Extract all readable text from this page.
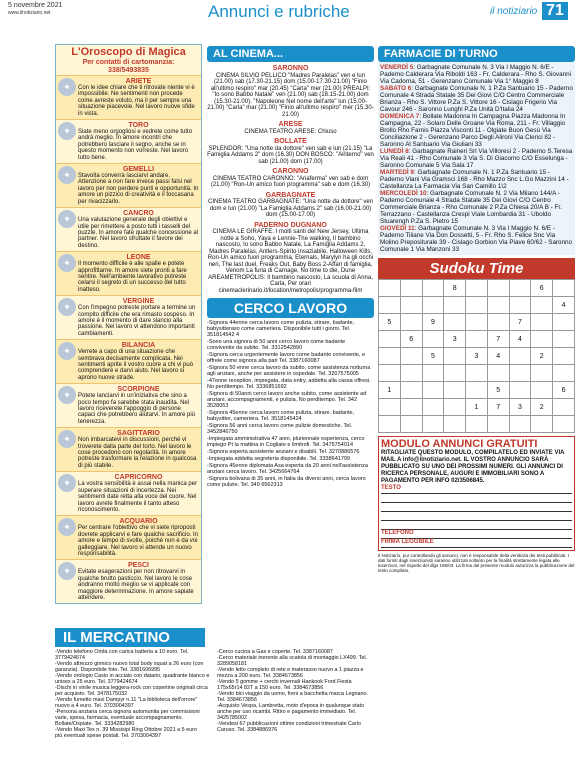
5 novembre 2021
www.ilnotiziario.net	Annunci e rubriche	il notiziario 71
L'Oroscopo di Magica
Per contatti di cartomanzia:
338/5493835
✦
ARIETE
Con le idee chiare che ti ritrovate niente vi è impossibile. Ne sentimenti non procede come avreste voluto, ma il per sempre una situazione piacevole. Nel lavoro nuove sfide in vista.
✦
TORO
Siate meno orgogliosi e vedrete come tutto andrà meglio. In amore incontri che potrebbero lasciare il segno, anche se in questo momento non vorreste. Nel lavoro tutto bene.
✦
GEMELLI
Stavolta converrà lasciarvi andare. Attenzione a non fare invece passi falsi nel lavoro per non perdere punti e opportunità. In amore un pizzico di creatività e il toccasana per rivacizzarlo.
✦
CANCRO
Una valutazione generale degli obiettivi e utile per rimettere a posto tutti i tasselli del puzzle. In amore fate qualche concessione al partner. Nel lavoro sfruttate il favore dei destino.
✦
LEONE
Il momento difficile è alle spalle e potete approfittarne. In amore siete pronti a fare sentire. Nell'ambiente lavorativo potreste celarsi il segreto di un successo del tutto inatteso.
✦
VERGINE
Con l'impegno potreste portare a termine un compito difficile che era rimasto sospeso. In amore è il momento di dare slancio alla passione. Nel lavoro vi attendono importanti cambiamenti.
✦
BILANCIA
Verrete a capo di una situazione che sembrava decisamente complicata. Nei sentimenti aprite il vostro cuore a chi vi può comprendere e darvi aiuto. Nel lavoro si aprono nuove strade.
✦
SCORPIONE
Potete lanciarvi in un'iniziativa che sino a poco tempo fa sarebbe stata inaudita. Nel lavoro riceverete l'appoggio di persone capaci che potrebbero aiutarvi. In amore più tenerezza.
✦
SAGITTARIO
Non imbarcatevi in discussioni, perché vi troverete dalla parte del torto. Nel lavoro le cose procedono con regolarità. In amore potreste trasformare la relazione in qualcosa di più stabile.
✦
CAPRICORNO
La vostra sensibilità è assai nella manica per superare situazioni di incertezza. Nei sentimenti date retta alla voce del cuore. Nel lavoro avrete finalmente il tanto atteso riconoscimento.
✦
ACQUARIO
Per centrare l'obiettivo che vi siete riproposti dovrete applicarvi e fare qualche sacrificio. In amore e tempo di svolte, poiché non è da voi galleggiare. Nel lavoro vi attende un nuovo responsabilità.
✦
PESCI
Evitate esagerazioni per non ritrovarvi in qualche brutto pasticcio. Nel lavoro le cose andranno molto meglio se vi applicate con maggiore determinazione. In amore sapiate attendere.
AL CINEMA...
SARONNO
CINEMA SILVIO PELLICO "Madres Paralelas" ven e lun (21.00) sab (17.30-21.15) dom (15.00-17.30-21.00) "Finio all'ultimo respiro" mar (20.45) "Carla" mer (21.00) PREALPI: "Io sono Babbo Natale" ven (21.00) sab (18.15-21.00) dom (15.30-21.00). "Napoleone Nel nome dell'arte" lun (15.00-21.00) "Carla" mar (21.00) "Finio all'ultimo respiro" mer (15.30-21.00)
ARESE
CINEMA TEATRO ARESE: Chiuso
BOLLATE
SPLENDOR: "Una notte da dottore" ven sab e lun (21.15) "La Famiglia Addams 2" dom (16.30) DON BOSCO: "Ainterno" ven sab (21.00) dom (17.00)
CARONNO
CINEMA TEATRO CARONNO: "Ariaferma" ven sab e dom (21.00) "Ron-Un amico fuori programma" sab e dom (16.30)
GARBAGNATE
CINEMA TEATRO GARBAGNATE: "Una notte da dottore" ven dom e lun (21.00) "La Famiglia Addams 2" sab (16.00-21.00) dom (15.00-17.00)
PADERNO DUGNANO
CINEMA LE GIRAFFE: I molti santi del New Jersey, Ultima notte a Soho, Yaya e Lennie-The walking, Il bambino nascosto, Io sono Babbo Natale, La Famiglia Addams 2, Madres Paralelas, Antlers-Spirito insaziabile, Halloween Kills, Ron-Un amico fuori programma, Eternals, Marylyn ha gli occhi neri, The last duel, Freaks Out, Baby Boss 2-Affari di famiglia, Venom La furia di Carnage, No time to die, Dune AREAMETROPOLIS: Il bambino nascosto, La scuola di Anna, Carla, Per orari cinemaclerinario.it/location/metropolis/programma-film
CERCO LAVORO

-Signora 44enne cerca lavoro come pulizia, stirare, badante, babysitteraso come cameriera. Disponibile tutti i giorni. Tel. 351814542 4

-Sono una signora di 50 anni cerco lavoro come badante conviventie da subito. Tel. 3312542890

-Signora cerca urgentemente lavoro come badante convivente, e offrele come signora alla pari Tel. 3387160087

-Signora 50 enne cerca lavoro da subito, come assistenza notturna agli anziani, anche per assistere in ospedale. Tel. 3207575005

-47enne reception, impiegata, data entry, addetta alla cassa offresi. No perditempo. Tel. 3336851692

-Signora di 50anni cerco lavoro anche subito, come assistente ad anziani, accompagnamenti, e pulizia. No perditempo. Tel. 342 3528053

-Signora 45enne cerca lavoro come pulizia, stirare, badante, babysitter, cameriera. Tel. 3518145424

-Signora 56 anni cerca lavoro come pulizie domestiche. Tel. 3452846750

-Impiegata amministrativa 47 anni, pluriennale esperienza, cerco impiego Pt la mattina in Cogliate e limitrofi. Tel. 3475754014

-Signora esperta assistente anziani e disabili. Tel. 3270886576

-Impiegata addetta segreteria disponibile. Tel. 3338641799

-Signora 45enne diplomata Asa esperta da 20 anni nell'assistenza anziani cerca lavoro. Tel. 3425664764

-Signora bolivana di 35 anni, in Italia da diversi anni, cerca lavoro come pulizie. Tel. 349 6562313

FARMACIE DI TURNO
VENERDÌ 5: Garbagnate Comunale N. 3 Via I Maggio N. 6/E - Paderno Calderara Via Riboldi 163 - Fr. Calderara - Rho S. Giovanni Via Cadorna, 51 - Gerenzano Comunale Via 1° Maggio 8
SABATO 6: Garbagnate Comunale N. 1 P.Za Santuario 15 - Paderno Comunale 4 Strada Statale 35 Dei Giovi C/O Centro Commerciale Brianza - Rho S. Vittore P.Za S. Vittore 16 - Cislago Frigerio Via Cavour 246 - Saronno Lunghi P.Za Unità D'Italia 24
DOMENICA 7: Bollate Madonna In Campagna Piazza Madonna In Campagna, 22 - Solaro Delle Groane Via Roma, 211 - Fr. Villaggio Brollo Rho Farnis Piazza Visconti 11 - Olgiate Buon Gesù Via Conciliazione 2 - Gerenzano Parco Degli Alironi Via Clerici 82 - Saronno Al Santuario Via Giuliani 33
LUNEDÌ 8: Garbagnate Raineri Srl Via Villoresi 2 - Paderno S.Teresa Via Reali 41 - Rho Comunale 3 Via S. Di Giacomo C/O Esselunga - Saronno Comunale 5 Via Sala 17
MARTEDÌ 9: Garbagnate Comunale N. 1 P.Za Santuario 15 - Paderno Viani Via Gramsci 168 - Rho Mazzo Snc L.Go Mazzini 14 - Castellanza La Farmacia Via San Camillo 1\2
MERCOLEDÌ 10: Garbagnate Comunale N. 2 Via Milano 144/A - Paderno Comunale 4 Strada Statale 35 Dei Giovi C/O Centro Commerciale Brianza - Rho Comunale 2 P.Za Chiesa 20/A B - Fr. Terrazzano - Castellanza Crespi Viale Lombardia 31 - Uboldo Stuarengh P.Za S. Pietro 15
GIOVEDÌ 11: Garbagnate Comunale N. 3 Via I Maggio N. 6/E - Paderno Tiliane Via Don Dossetti, 5 - Fr. Rho S. Felice Snc Via Molino Prepositurale 39 - Cislago Gorbion Via Piave 60/62 - Saronno Comunale 1 Via Manzoni 33
Sudoku Time
			8				6	
								4
5		9				7		
	6		3		7	4		
		5		3	4		2	

1					5			6
				1	7	3	2	

MODULO ANNUNCI GRATUITI
RITAGLIATE QUESTO MODULO, COMPILATELO ED INVIATE VIA MAIL A info@ilnotiziario.net. IL VOSTRO ANNUNCIO SARÀ PUBBLICATO SU UNO DEI PROSSIMI NUMERI. GLI ANNUNCI DI RICERCA PERSONALE, AUGURI E IMMOBILIARI SONO A PAGAMENTO PER INFO 02/3506845.
TESTO
TELEFONO
FIRMA LEGGIBILE
Il Notiziario, pur controllando gli annunci, non è responsabile della veridicità dei testi pubblicati. I dati forniti dagli inserzionisti saranno utilizzati soltanto per la finalità strettamente legata alle inserzioni, nel rispetto del dlgs 196/03. La firma del presente modulo autorizza la pubblicazione del testo compilato.
IL MERCATINO

-Vendo telefono Orida con carica batteria a 10 euro. Tel. 3779424674

-Vendo attrezzo ginnico nuovo total body squat a 26 euro (con garanzia). Disponibile foto. Tel. 3381606995

-Vendo orologio Casio in acciaio con datario, quadrante bianco e unisex a 25 euro. Tel. 3779424674

-Dischi in vinile musica leggera-rock con copertine originali circa per acquisto. Tel. 3478175032

-Vendo fumetto maxi Dampyr n.11 "La biblioteca dell'orrore" nuovo a 4 euro. Tel. 3703004397

-Persona anziana cerca signora automunita per commissioni varie, spesa, farmacia, eventuale accompagnamento. Bollate/Ospiate. Tel. 3334282980

-Vendo Maxi Tex n. 39 Missisipi Ring Ottobre 2021 a 5 euro

più eventuali spese postali. Tel. 3703004397

-Cerco cucina a Gas e coperte. Tel. 3387160087

-Cerco materiale inerente alla scatola di montaggio LX499. Tel. 3289058181

-Vendo letto completo di rete e materasso nuovo a 1 piazza e mezza a 200 euro. Tel. 3384673856

-Vendo 5 gomme + cerchi invernali Hankook Ford Fiesta 175x65r14 82T a 150 euro. Tel. 3384673856

-Vendo bici viaggio da uomo, freni a bacchetta marca Legnano. Tel. 3384673856

-Acquisto Vespa, Lambretta, moto d'epoca in qualunque stato anche per uso ricambi. Ritiro e pagamento immediato. Tel. 3425785002

-Vendesi 67 pubblicazioni ottime condizioni trimestrale Carlo Caruso. Tel. 3384886976
